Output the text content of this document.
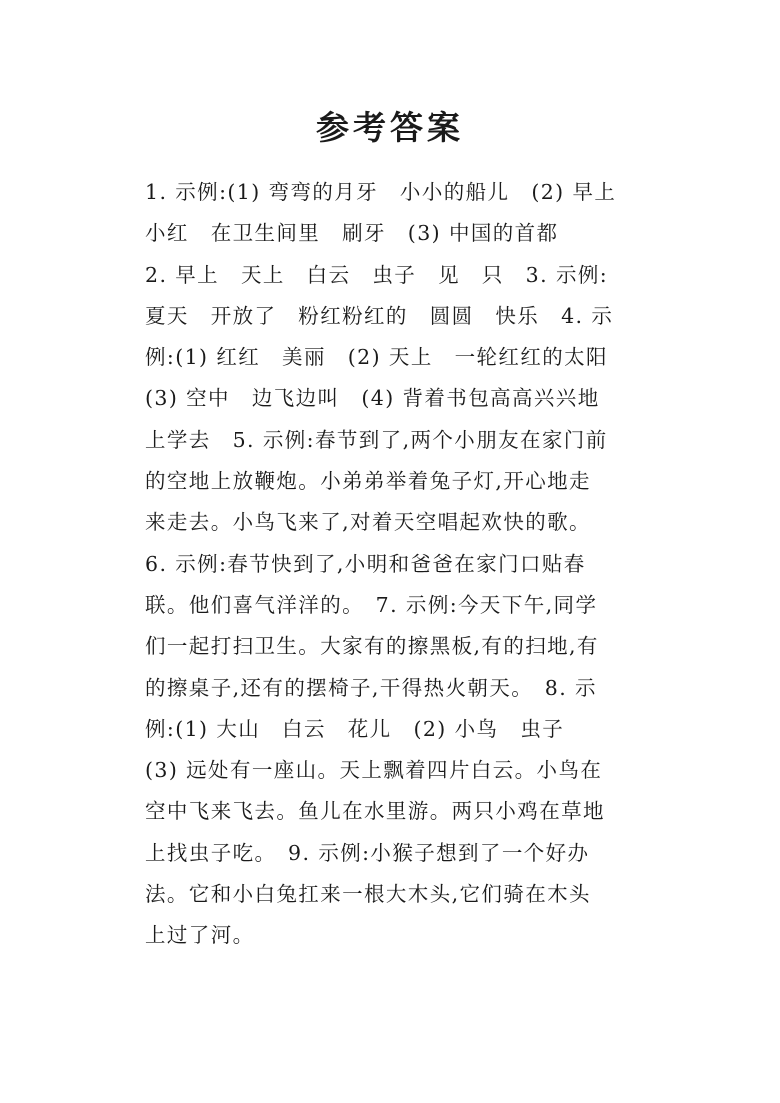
参考答案
1. 示例:(1) 弯弯的月牙　小小的船儿　(2) 早上
小红　在卫生间里　刷牙　(3) 中国的首都
2. 早上　天上　白云　虫子　见　只　3. 示例:
夏天　开放了　粉红粉红的　圆圆　快乐　4. 示
例:(1) 红红　美丽　(2) 天上　一轮红红的太阳
(3) 空中　边飞边叫　(4) 背着书包高高兴兴地
上学去　5. 示例:春节到了,两个小朋友在家门前
的空地上放鞭炮。小弟弟举着兔子灯,开心地走
来走去。小鸟飞来了,对着天空唱起欢快的歌。
6. 示例:春节快到了,小明和爸爸在家门口贴春
联。他们喜气洋洋的。　7. 示例:今天下午,同学
们一起打扫卫生。大家有的擦黑板,有的扫地,有
的擦桌子,还有的摆椅子,干得热火朝天。　8. 示
例:(1) 大山　白云　花儿　(2) 小鸟　虫子
(3) 远处有一座山。天上飘着四片白云。小鸟在
空中飞来飞去。鱼儿在水里游。两只小鸡在草地
上找虫子吃。　9. 示例:小猴子想到了一个好办
法。它和小白兔扛来一根大木头,它们骑在木头
上过了河。
